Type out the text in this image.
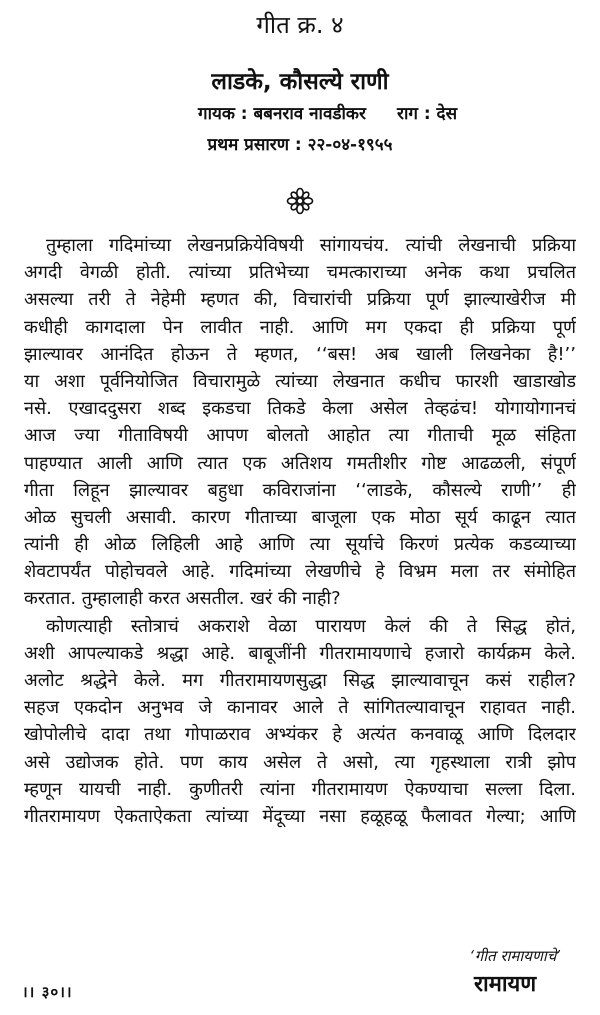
गीत क्र. ४
लाडके, कौसल्ये राणी
गायक : बबनराव नावडीकर राग : देस
प्रथम प्रसारण : २२-०४-१९५५
तुम्हाला गदिमांच्या लेखनप्रक्रियेविषयी सांगायचंय. त्यांची लेखनाची प्रक्रिया
अगदी वेगळी होती. त्यांच्या प्रतिभेच्या चमत्काराच्या अनेक कथा प्रचलित
असल्या तरी ते नेहेमी म्हणत की, विचारांची प्रक्रिया पूर्ण झाल्याखेरीज मी
कधीही कागदाला पेन लावीत नाही. आणि मग एकदा ही प्रक्रिया पूर्ण
झाल्यावर आनंदित होऊन ते म्हणत, ‘‘बस! अब खाली लिखनेका है!’’
या अशा पूर्वनियोजित विचारामुळे त्यांच्या लेखनात कधीच फारशी खाडाखोड
नसे. एखाददुसरा शब्द इकडचा तिकडे केला असेल तेव्हढंच! योगायोगानचं
आज ज्या गीताविषयी आपण बोलतो आहोत त्या गीताची मूळ संहिता
पाहण्यात आली आणि त्यात एक अतिशय गमतीशीर गोष्ट आढळली, संपूर्ण
गीता लिहून झाल्यावर बहुधा कविराजांना ‘‘लाडके, कौसल्ये राणी’’ ही
ओळ सुचली असावी. कारण गीताच्या बाजूला एक मोठा सूर्य काढून त्यात
त्यांनी ही ओळ लिहिली आहे आणि त्या सूर्याचे किरणं प्रत्येक कडव्याच्या
शेवटापर्यंत पोहोचवले आहे. गदिमांच्या लेखणीचे हे विभ्रम मला तर संमोहित
करतात. तुम्हालाही करत असतील. खरं की नाही?
कोणत्याही स्तोत्राचं अकराशे वेळा पारायण केलं की ते सिद्ध होतं,
अशी आपल्याकडे श्रद्धा आहे. बाबूजींनी गीतरामायणाचे हजारो कार्यक्रम केले.
अलोट श्रद्धेने केले. मग गीतरामायणसुद्धा सिद्ध झाल्यावाचून कसं राहील?
सहज एकदोन अनुभव जे कानावर आले ते सांगितल्यावाचून राहावत नाही.
खोपोलीचे दादा तथा गोपाळराव अभ्यंकर हे अत्यंत कनवाळू आणि दिलदार
असे उद्योजक होते. पण काय असेल ते असो, त्या गृहस्थाला रात्री झोप
म्हणून यायची नाही. कुणीतरी त्यांना गीतरामायण ऐकण्याचा सल्ला दिला.
गीतरामायण ऐकताऐकता त्यांच्या मेंदूच्या नसा हळूहळू फैलावत गेल्या; आणि
।। ३०।।
‘गीत रामायणाचे’
रामायण
